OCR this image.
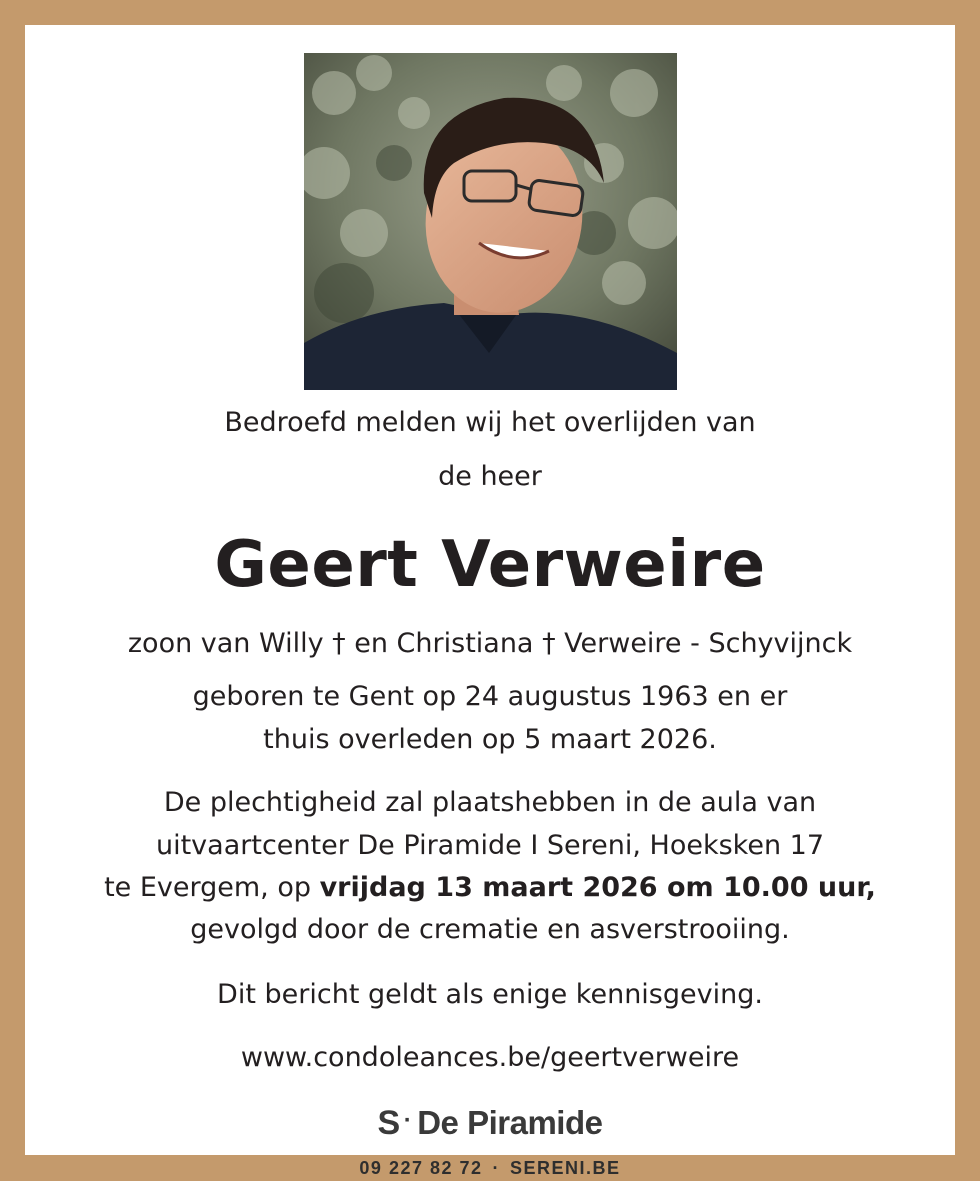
Bedroefd melden wij het overlijden van
de heer
Geert Verweire
zoon van Willy † en Christiana † Verweire - Schyvijnck
geboren te Gent op 24 augustus 1963 en er
thuis overleden op 5 maart 2026.
De plechtigheid zal plaatshebben in de aula van
uitvaartcenter De Piramide I Sereni, Hoeksken 17
te Evergem, op vrijdag 13 maart 2026 om 10.00 uur,
gevolgd door de crematie en asverstrooiing.
Dit bericht geldt als enige kennisgeving.
www.condoleances.be/geertverweire
S · De Piramide
09 227 82 72 · SERENI.BE
